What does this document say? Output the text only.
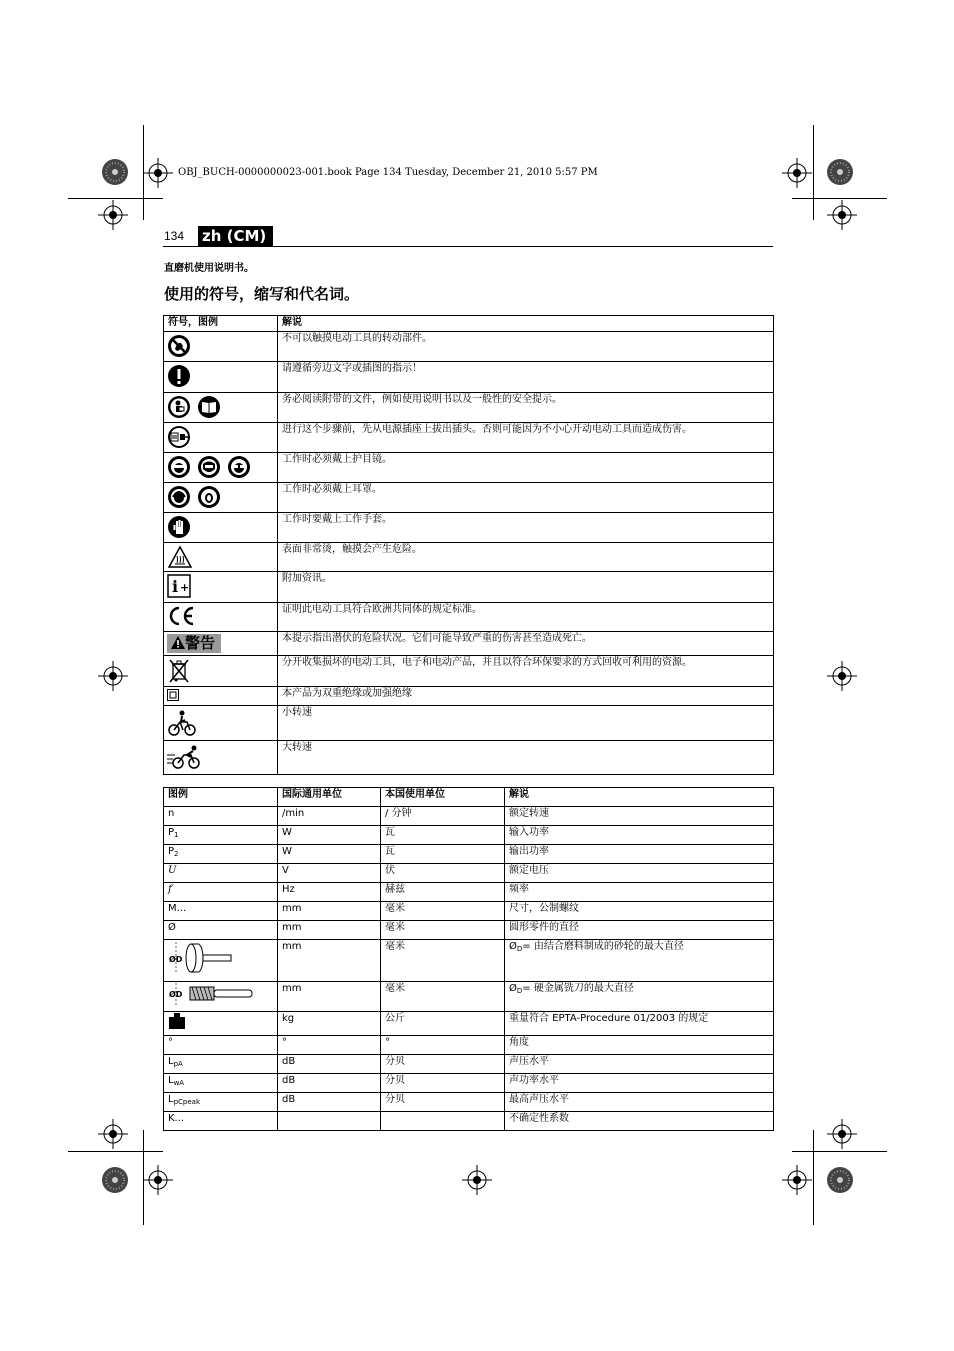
OBJ_BUCH-0000000023-001.book Page 134 Tuesday, December 21, 2010 5:57 PM
134 zh (CM)
直磨机使用说明书。
使用的符号，缩写和代名词。
符号，图例	解说
	不可以触摸电动工具的转动部件。
	请遵循旁边文字或插图的指示！
	务必阅读附带的文件，例如使用说明书以及一般性的安全提示。
	进行这个步骤前，先从电源插座上拔出插头。否则可能因为不小心开动电动工具而造成伤害。
	工作时必须戴上护目镜。
	工作时必须戴上耳罩。
	工作时要戴上工作手套。
	表面非常烫，触摸会产生危险。

i +	附加资讯。
	证明此电动工具符合欧洲共同体的规定标准。
警告	本提示指出潜伏的危险状况。它们可能导致严重的伤害甚至造成死亡。
	分开收集损坏的电动工具，电子和电动产品，并且以符合环保要求的方式回收可利用的资源。
	本产品为双重绝缘或加强绝缘
	小转速
	大转速
图例	国际通用单位	本国使用单位	解说
n	/min	/ 分钟	额定转速
$P_1$	W	瓦	输入功率
$P_2$	W	瓦	输出功率
U	V	伏	额定电压
f	Hz	赫兹	频率
M...	mm	毫米	尺寸，公制螺纹
Ø	mm	毫米	圆形零件的直径

ØD	mm	毫米	$Ø_D=$ 由结合磨料制成的砂轮的最大直径

ØD	mm	毫米	$Ø_D=$ 硬金属铣刀的最大直径
	kg	公斤	重量符合 EPTA-Procedure 01/2003 的规定
°	°	°	角度
$L_{pA}$	dB	分贝	声压水平
$L_{wA}$	dB	分贝	声功率水平
$L_{pCpeak}$	dB	分贝	最高声压水平
K...			不确定性系数
